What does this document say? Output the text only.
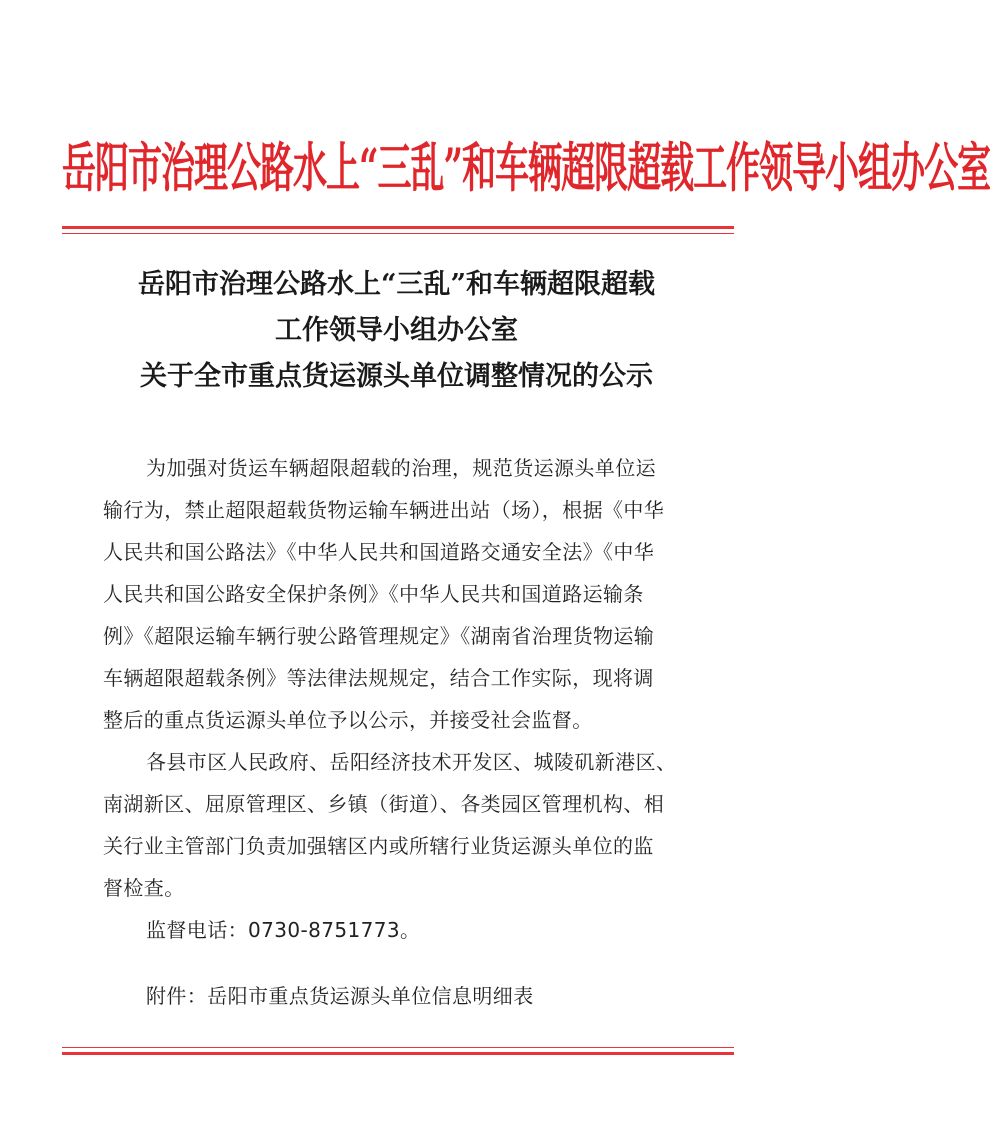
岳阳市治理公路水上“三乱”和车辆超限超载工作领导小组办公室
岳阳市治理公路水上“三乱”和车辆超限超载
工作领导小组办公室
关于全市重点货运源头单位调整情况的公示
为加强对货运车辆超限超载的治理，规范货运源头单位运
输行为，禁止超限超载货物运输车辆进出站（场），根据《中华
人民共和国公路法》《中华人民共和国道路交通安全法》《中华
人民共和国公路安全保护条例》《中华人民共和国道路运输条
例》《超限运输车辆行驶公路管理规定》《湖南省治理货物运输
车辆超限超载条例》等法律法规规定，结合工作实际，现将调
整后的重点货运源头单位予以公示，并接受社会监督。
各县市区人民政府、岳阳经济技术开发区、城陵矶新港区、
南湖新区、屈原管理区、乡镇（街道）、各类园区管理机构、相
关行业主管部门负责加强辖区内或所辖行业货运源头单位的监
督检查。
监督电话：0730-8751773。
附件：岳阳市重点货运源头单位信息明细表
